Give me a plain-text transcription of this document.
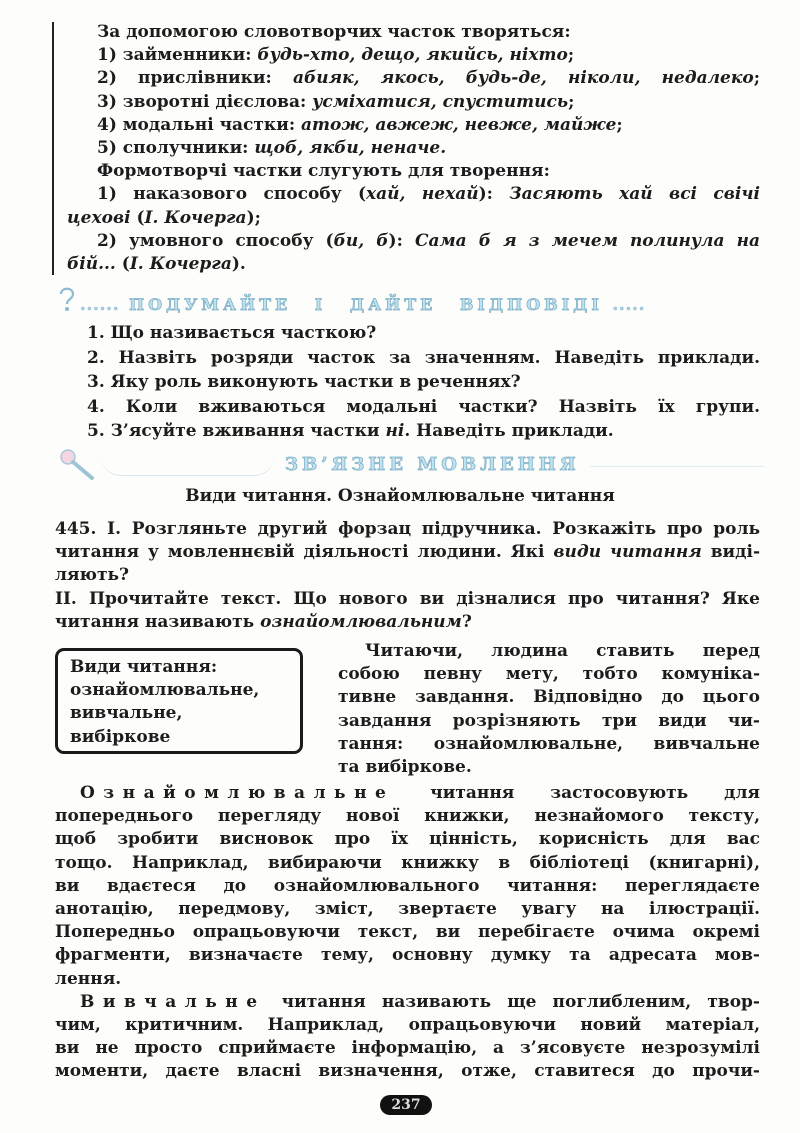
За допомогою словотворчих часток творяться:
1) займенники: будь-хто, дещо, якийсь, ніхто;
2) прислівники: абияк, якось, будь-де, ніколи, недалеко;
3) зворотні дієслова: усміхатися, спуститись;
4) модальні частки: атож, авжеж, невже, майже;
5) сполучники: щоб, якби, неначе.
Формотворчі частки слугують для творення:
1) наказового способу (хай, нехай): Засяють хай всі свічі
цехові (І. Кочерга);
2) умовного способу (би, б): Сама б я з мечем полинула на
бій... (І. Кочерга).
...... ПОДУМАЙТЕ І ДАЙТЕ ВІДПОВІДІ .....
1. Що називається часткою?
2. Назвіть розряди часток за значенням. Наведіть приклади.
3. Яку роль виконують частки в реченнях?
4. Коли вживаються модальні частки? Назвіть їх групи.
5. З’ясуйте вживання частки ні. Наведіть приклади.
ЗВ’ЯЗНЕ МОВЛЕННЯ
Види читання. Ознайомлювальне читання
445. І. Розгляньте другий форзац підручника. Розкажіть про роль
читання у мовленнєвій діяльності людини. Які види читання виді-
ляють?
ІІ. Прочитайте текст. Що нового ви дізналися про читання? Яке
читання називають ознайомлювальним?
Види читання:
ознайомлювальне,
вивчальне,
вибіркове
Читаючи, людина ставить перед
собою певну мету, тобто комуніка-
тивне завдання. Відповідно до цього
завдання розрізняють три види чи-
тання: ознайомлювальне, вивчальне
та вибіркове.
Ознайомлювальне читання застосовують для
попереднього перегляду нової книжки, незнайомого тексту,
щоб зробити висновок про їх цінність, корисність для вас
тощо. Наприклад, вибираючи книжку в бібліотеці (книгарні),
ви вдаєтеся до ознайомлювального читання: переглядаєте
анотацію, передмову, зміст, звертаєте увагу на ілюстрації.
Попередньо опрацьовуючи текст, ви перебігаєте очима окремі
фрагменти, визначаєте тему, основну думку та адресата мов-
лення.
Вивчальне читання називають ще поглибленим, твор-
чим, критичним. Наприклад, опрацьовуючи новий матеріал,
ви не просто сприймаєте інформацію, а з’ясовуєте незрозумілі
моменти, даєте власні визначення, отже, ставитеся до прочи-
237
